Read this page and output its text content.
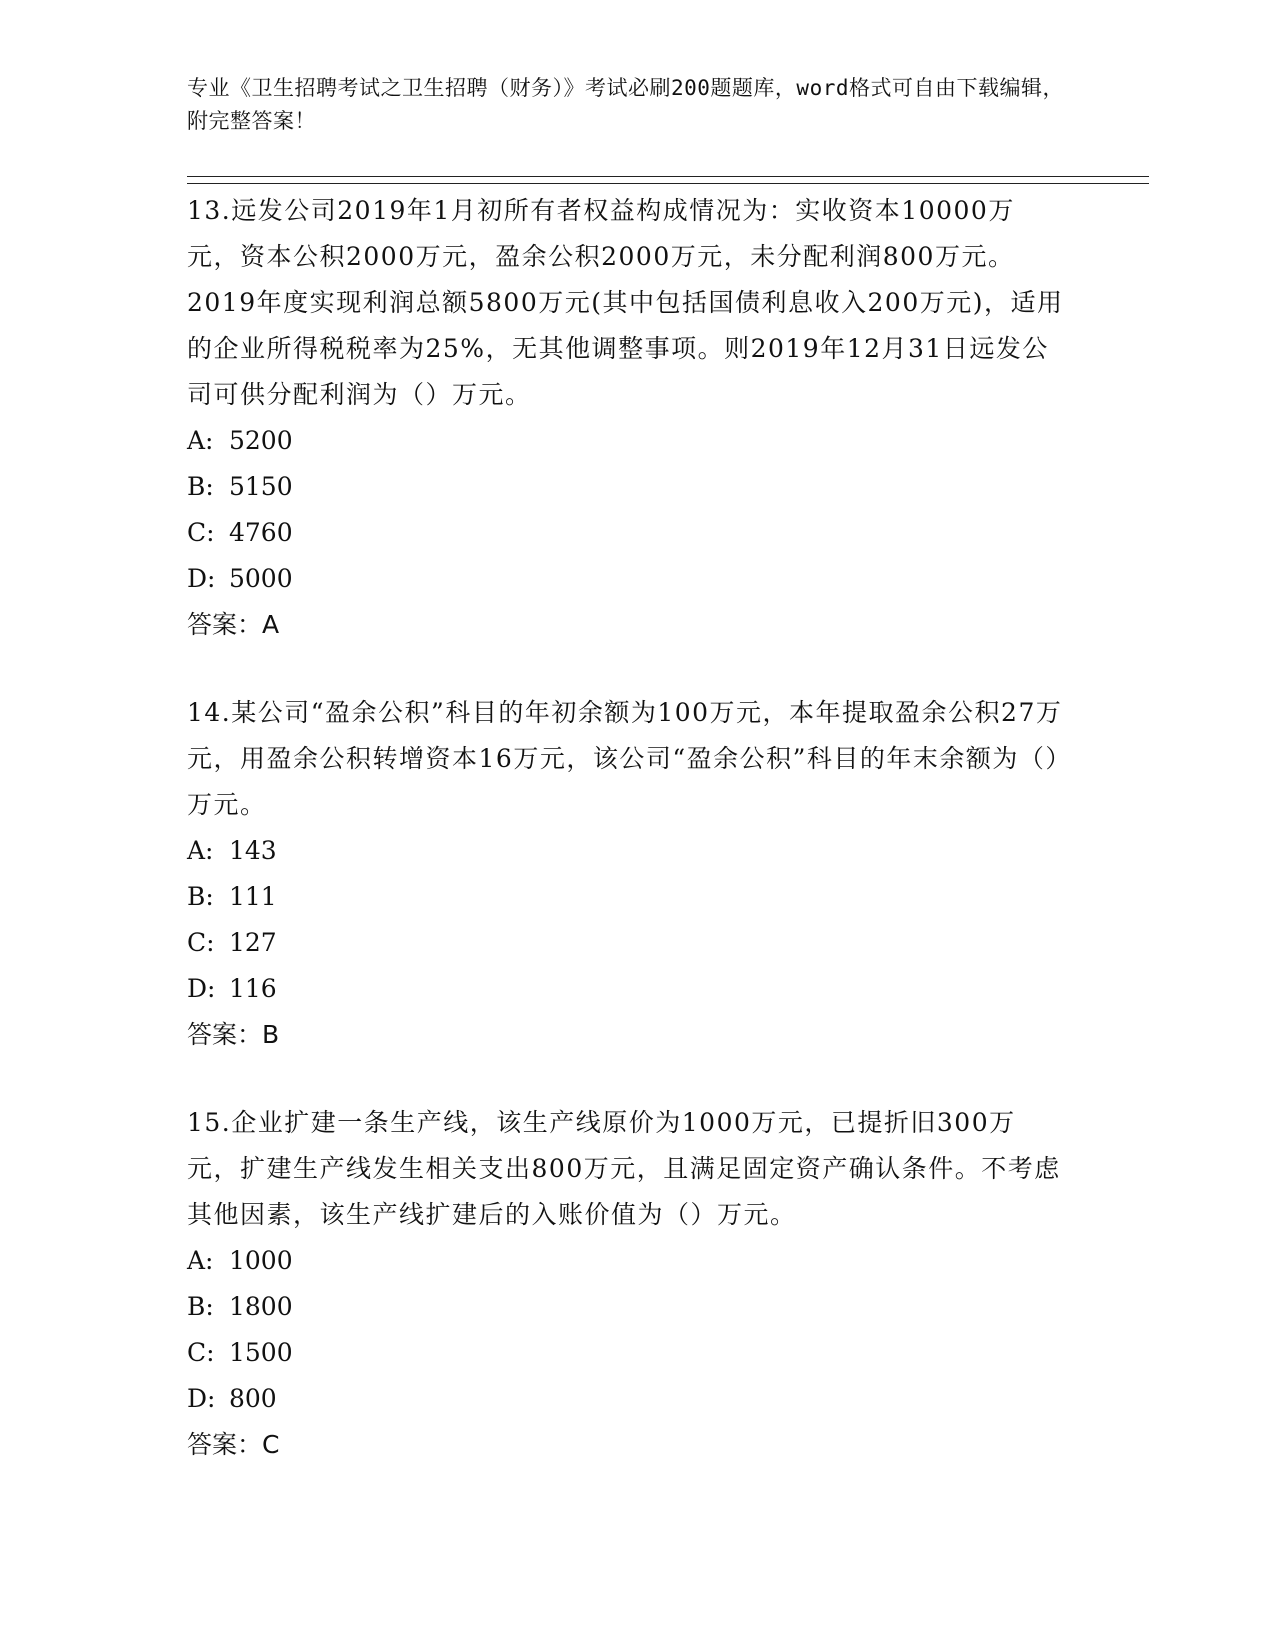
专业《卫生招聘考试之卫生招聘（财务）》考试必刷200题题库，word格式可自由下载编辑，附完整答案！

13.远发公司2019年1月初所有者权益构成情况为：实收资本10000万元，资本公积2000万元，盈余公积2000万元，未分配利润800万元。2019年度实现利润总额5800万元(其中包括国债利息收入200万元)，适用的企业所得税税率为25%，无其他调整事项。则2019年12月31日远发公司可供分配利润为（）万元。

A: 5200
B: 5150
C: 4760
D: 5000

答案：A

14.某公司“盈余公积”科目的年初余额为100万元，本年提取盈余公积27万元，用盈余公积转增资本16万元，该公司“盈余公积”科目的年末余额为（）万元。

A: 143
B: 111
C: 127
D: 116

答案：B

15.企业扩建一条生产线，该生产线原价为1000万元，已提折旧300万元，扩建生产线发生相关支出800万元，且满足固定资产确认条件。不考虑其他因素，该生产线扩建后的入账价值为（）万元。

A: 1000
B: 1800
C: 1500
D: 800

答案：C
